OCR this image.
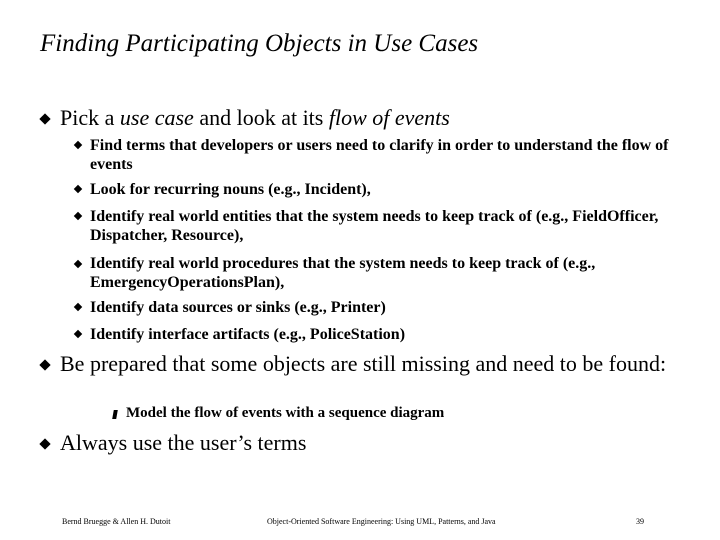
Finding Participating Objects in Use Cases
Pick a use case and look at its flow of events
Find terms that developers or users need to clarify in order to understand the flow of events
Look for recurring nouns (e.g., Incident),
Identify real world entities that the system needs to keep track of (e.g., FieldOfficer, Dispatcher, Resource),
Identify real world procedures that the system needs to keep track of (e.g., EmergencyOperationsPlan),
Identify data sources or sinks (e.g., Printer)
Identify interface artifacts (e.g., PoliceStation)
Be prepared that some objects are still missing and need to be found:
Model the flow of events with a sequence diagram
Always use the user’s terms
Bernd Bruegge & Allen H. Dutoit	Object-Oriented Software Engineering: Using UML, Patterns, and Java	39
